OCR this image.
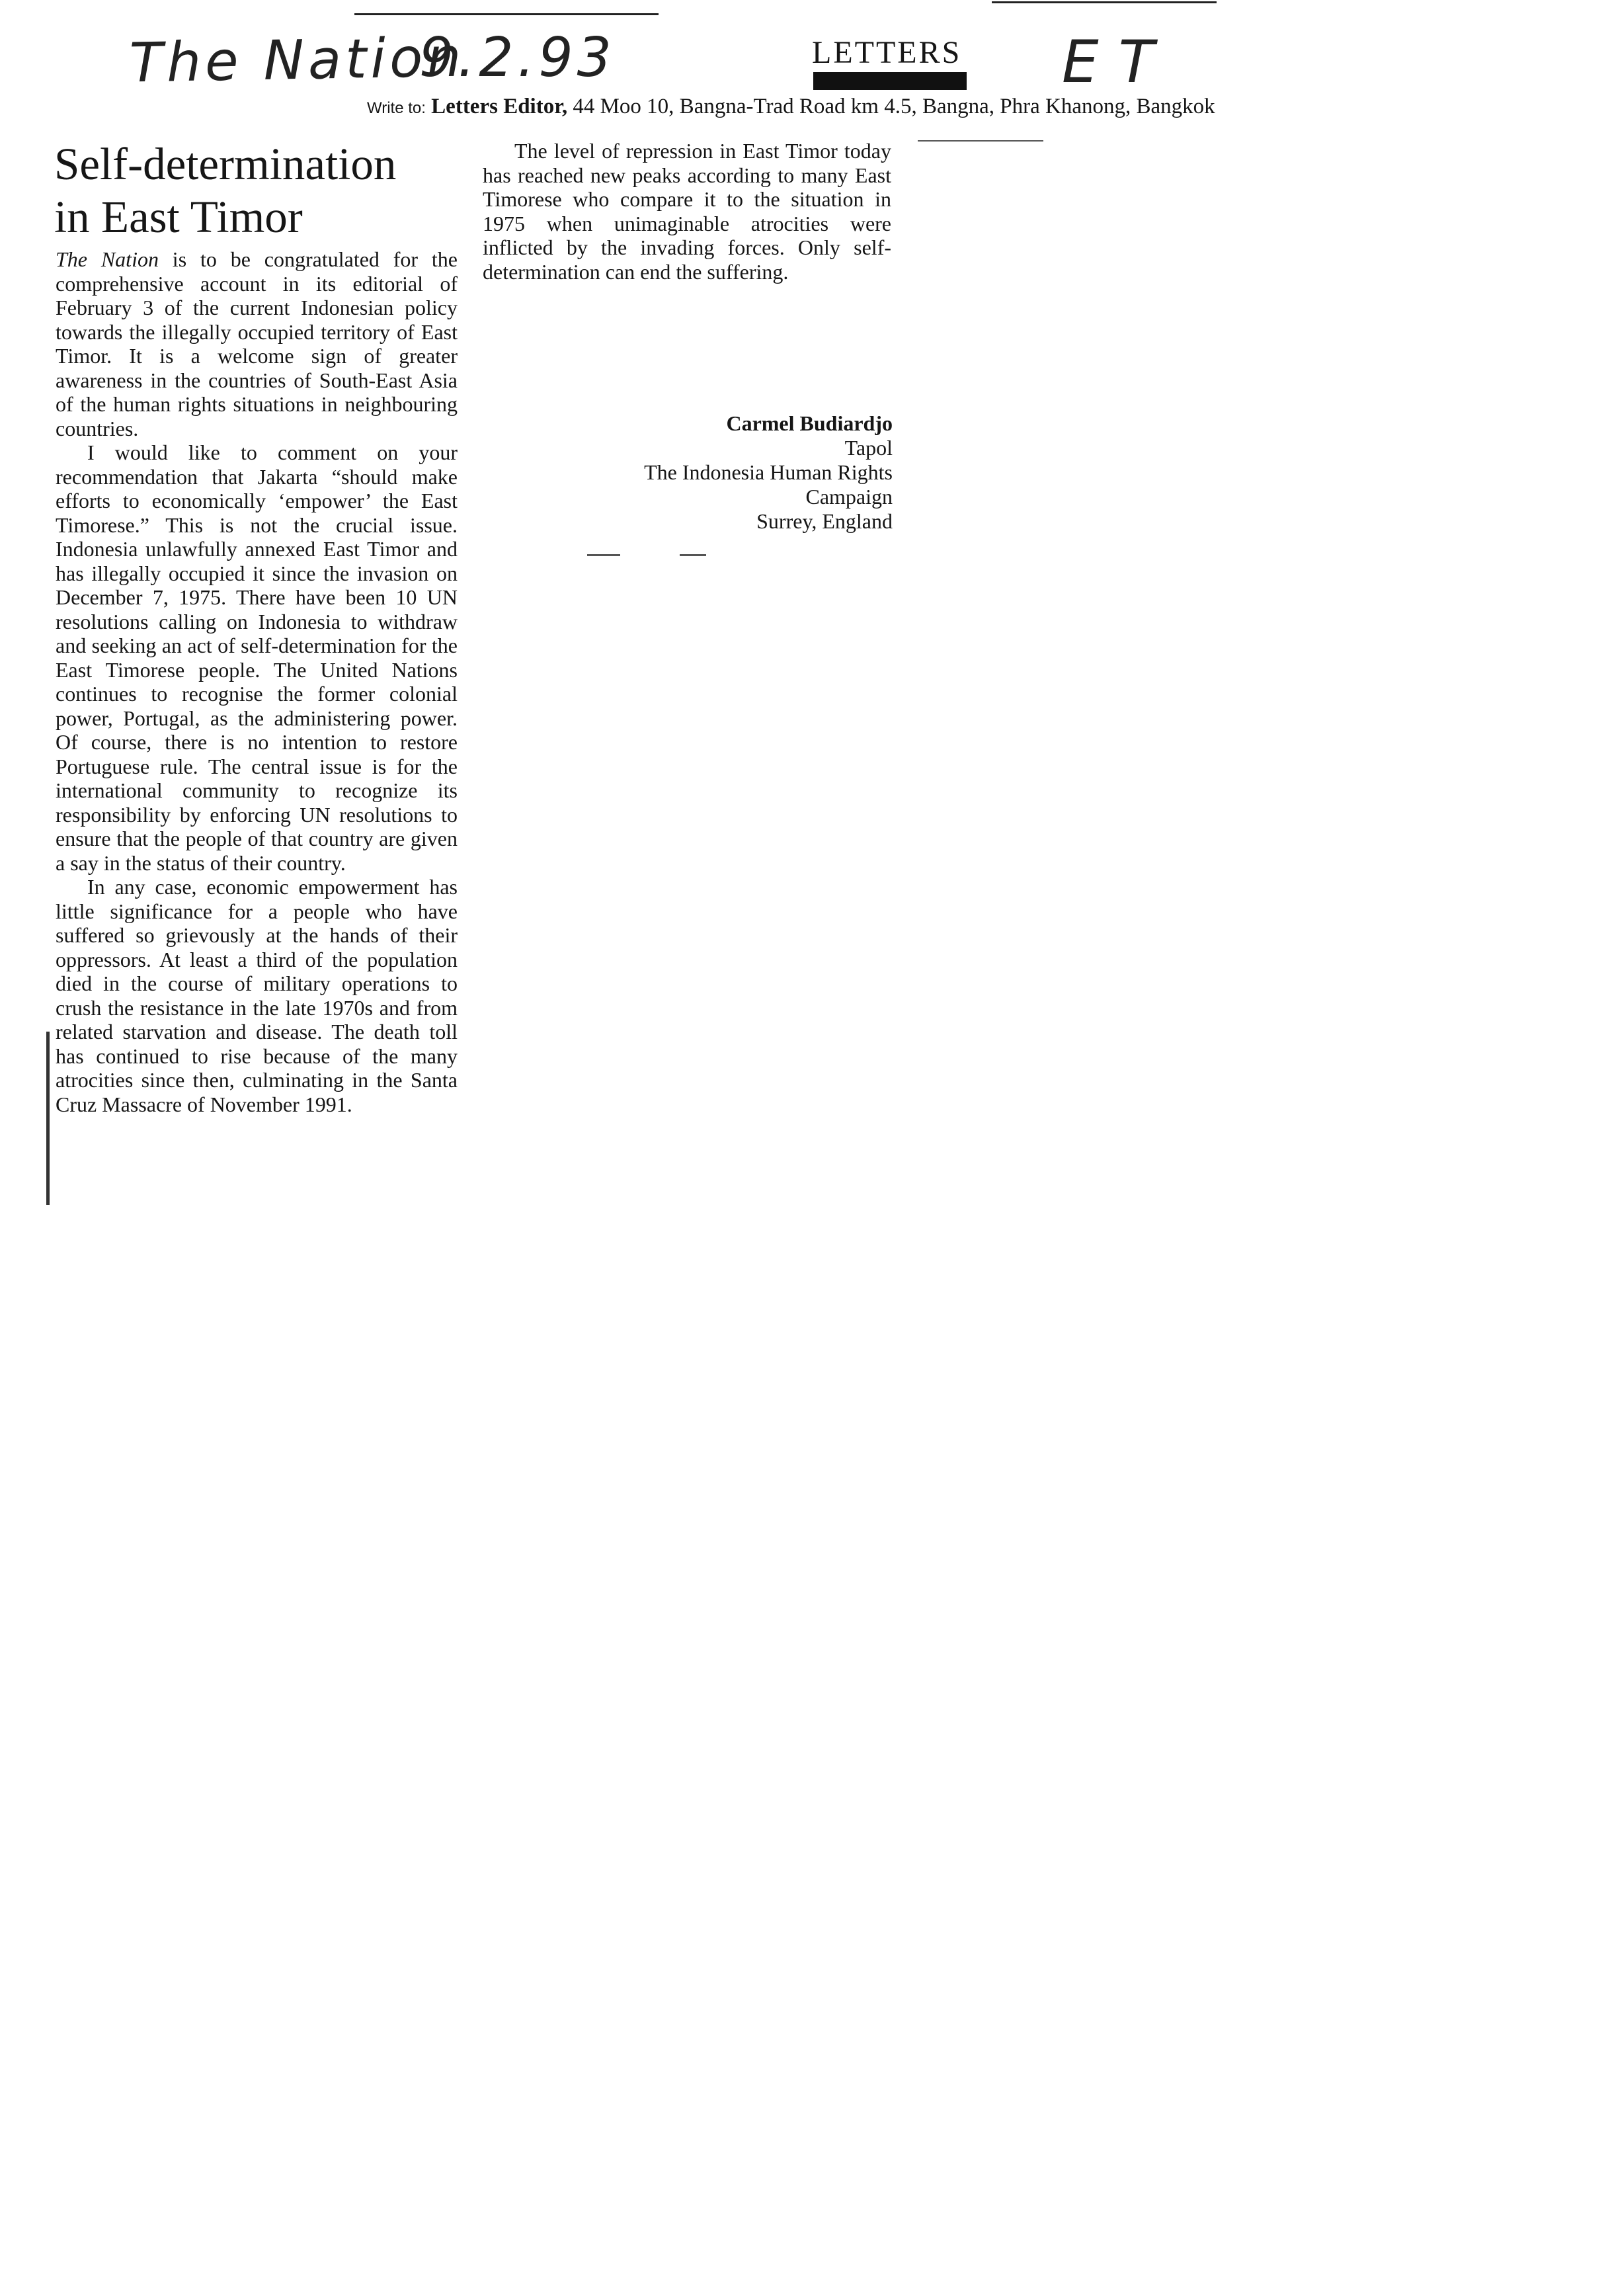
The Nation
9.2.93	ET
LETTERS
Write to: Letters Editor, 44 Moo 10, Bangna-Trad Road km 4.5, Bangna, Phra Khanong, Bangkok
Self-determination
in East Timor

The Nation is to be congratulated for the comprehensive account in its editorial of February 3 of the current Indonesian policy towards the illegally occupied territory of East Timor. It is a welcome sign of greater awareness in the countries of South-East Asia of the human rights situations in neighbouring countries.

I would like to comment on your recommendation that Jakarta “should make efforts to economically ‘empower’ the East Timorese.” This is not the crucial issue. Indonesia unlawfully annexed East Timor and has illegally occupied it since the invasion on December 7, 1975. There have been 10 UN resolutions calling on Indonesia to withdraw and seeking an act of self-determination for the East Timorese people. The United Nations continues to recognise the former colonial power, Portugal, as the administering power. Of course, there is no intention to restore Portuguese rule. The central issue is for the international community to recognize its responsibility by enforcing UN resolutions to ensure that the people of that country are given a say in the status of their country.

In any case, economic empowerment has little significance for a people who have suffered so grievously at the hands of their oppressors. At least a third of the population died in the course of military operations to crush the resistance in the late 1970s and from related starvation and disease. The death toll has continued to rise because of the many atrocities since then, culminating in the Santa Cruz Massacre of November 1991.

The level of repression in East Timor today has reached new peaks according to many East Timorese who compare it to the situation in 1975 when unimaginable atrocities were inflicted by the invading forces. Only self-determination can end the suffering.

Carmel Budiardjo
Tapol
The Indonesia Human Rights
Campaign
Surrey, England
